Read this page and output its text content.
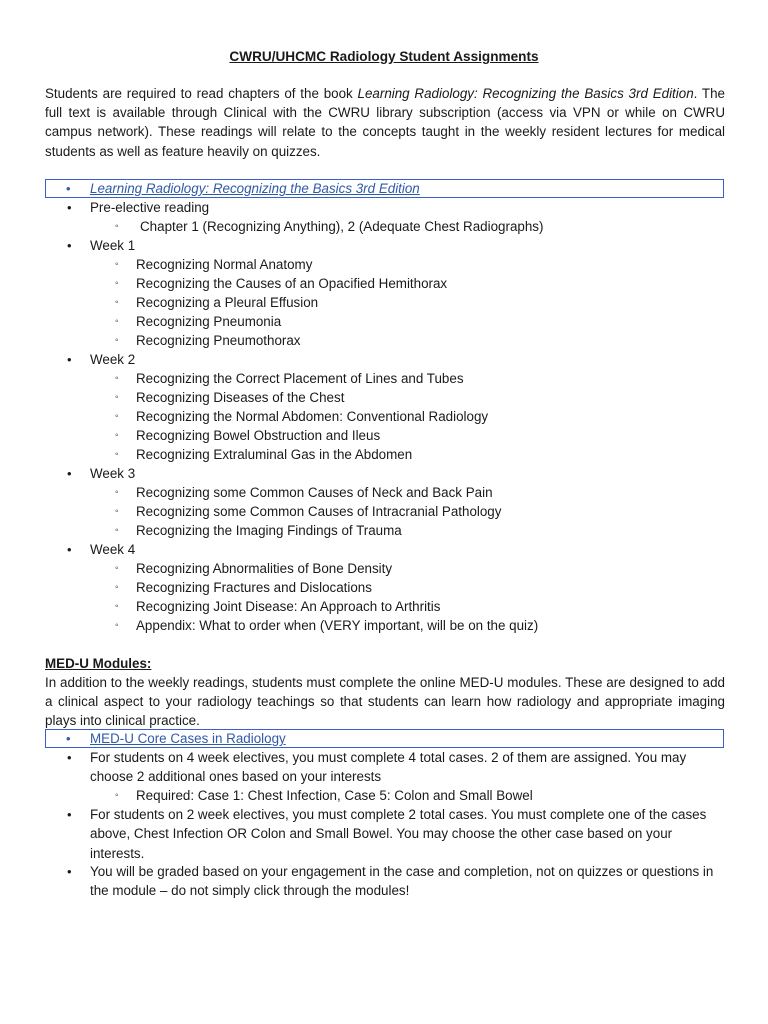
CWRU/UHCMC Radiology Student Assignments
Students are required to read chapters of the book Learning Radiology: Recognizing the Basics 3rd Edition. The full text is available through Clinical with the CWRU library subscription (access via VPN or while on CWRU campus network). These readings will relate to the concepts taught in the weekly resident lectures for medical students as well as feature heavily on quizzes.
• Learning Radiology: Recognizing the Basics 3rd Edition
• Pre-elective reading
◦ Chapter 1 (Recognizing Anything), 2 (Adequate Chest Radiographs)
• Week 1
◦ Recognizing Normal Anatomy
◦ Recognizing the Causes of an Opacified Hemithorax
◦ Recognizing a Pleural Effusion
◦ Recognizing Pneumonia
◦ Recognizing Pneumothorax
• Week 2
◦ Recognizing the Correct Placement of Lines and Tubes
◦ Recognizing Diseases of the Chest
◦ Recognizing the Normal Abdomen: Conventional Radiology
◦ Recognizing Bowel Obstruction and Ileus
◦ Recognizing Extraluminal Gas in the Abdomen
• Week 3
◦ Recognizing some Common Causes of Neck and Back Pain
◦ Recognizing some Common Causes of Intracranial Pathology
◦ Recognizing the Imaging Findings of Trauma
• Week 4
◦ Recognizing Abnormalities of Bone Density
◦ Recognizing Fractures and Dislocations
◦ Recognizing Joint Disease: An Approach to Arthritis
◦ Appendix: What to order when (VERY important, will be on the quiz)
MED-U Modules:
In addition to the weekly readings, students must complete the online MED-U modules. These are designed to add a clinical aspect to your radiology teachings so that students can learn how radiology and appropriate imaging plays into clinical practice.
• MED-U Core Cases in Radiology
• For students on 4 week electives, you must complete 4 total cases. 2 of them are assigned. You may choose 2 additional ones based on your interests
◦ Required: Case 1: Chest Infection, Case 5: Colon and Small Bowel
• For students on 2 week electives, you must complete 2 total cases. You must complete one of the cases above, Chest Infection OR Colon and Small Bowel. You may choose the other case based on your interests.
• You will be graded based on your engagement in the case and completion, not on quizzes or questions in the module – do not simply click through the modules!
